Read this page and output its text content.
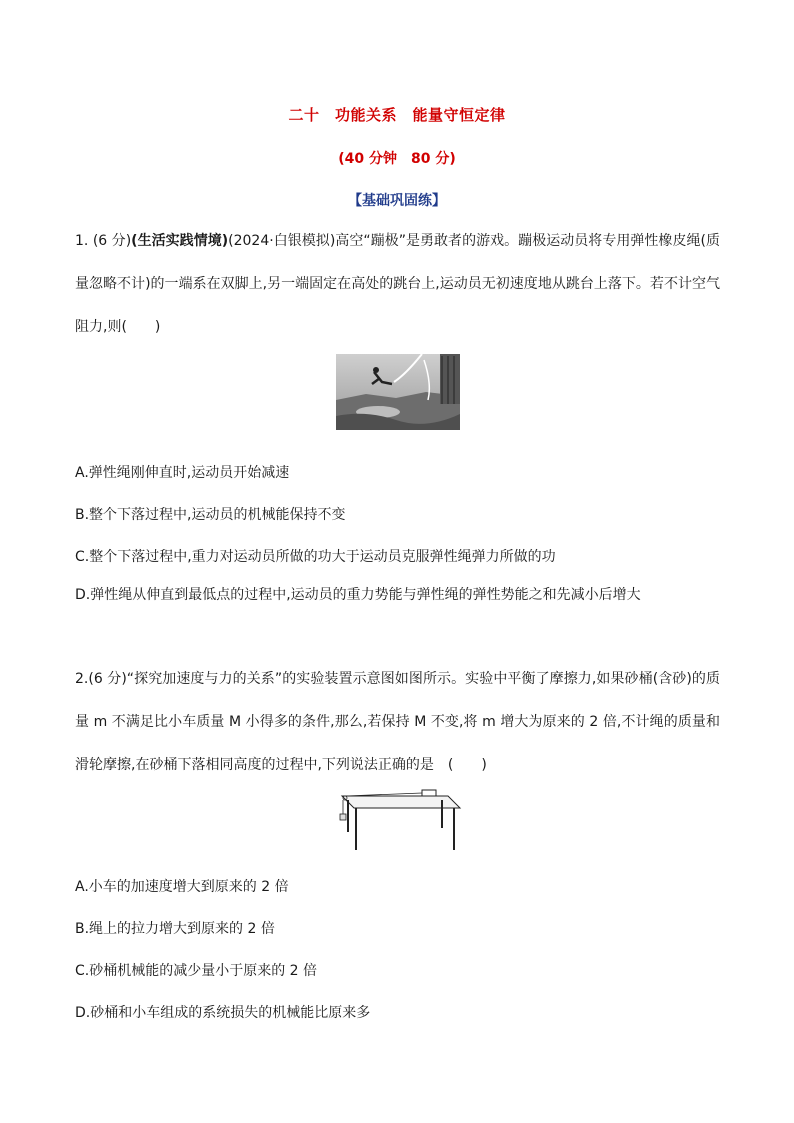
二十　功能关系　能量守恒定律
(40 分钟　80 分)
【基础巩固练】

1. (6 分)(生活实践情境)(2024·白银模拟)高空“蹦极”是勇敢者的游戏。蹦极运动员将专用弹性橡皮绳(质量忽略不计)的一端系在双脚上,另一端固定在高处的跳台上,运动员无初速度地从跳台上落下。若不计空气阻力,则(　　)

A.弹性绳刚伸直时,运动员开始减速

B.整个下落过程中,运动员的机械能保持不变

C.整个下落过程中,重力对运动员所做的功大于运动员克服弹性绳弹力所做的功

D.弹性绳从伸直到最低点的过程中,运动员的重力势能与弹性绳的弹性势能之和先减小后增大

2.(6 分)“探究加速度与力的关系”的实验装置示意图如图所示。实验中平衡了摩擦力,如果砂桶(含砂)的质量 m 不满足比小车质量 M 小得多的条件,那么,若保持 M 不变,将 m 增大为原来的 2 倍,不计绳的质量和滑轮摩擦,在砂桶下落相同高度的过程中,下列说法正确的是　(　　)

A.小车的加速度增大到原来的 2 倍

B.绳上的拉力增大到原来的 2 倍

C.砂桶机械能的减少量小于原来的 2 倍

D.砂桶和小车组成的系统损失的机械能比原来多
